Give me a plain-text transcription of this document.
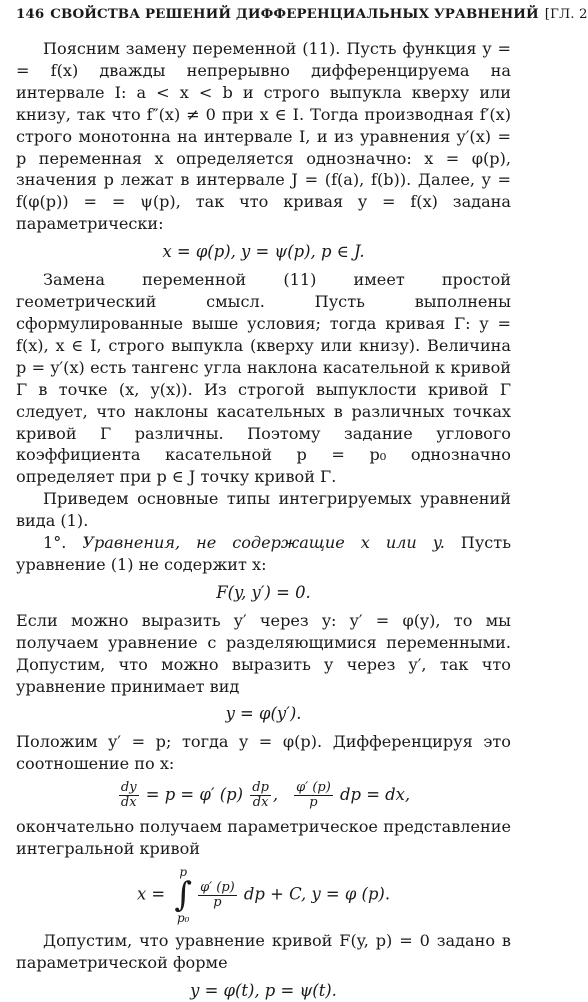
146 СВОЙСТВА РЕШЕНИЙ ДИФФЕРЕНЦИАЛЬНЫХ УРАВНЕНИЙ [ГЛ. 2

Поясним замену переменной (11). Пусть функция y = = f(x) дважды непрерывно дифференцируема на интервале I: a < x < b и строго выпукла кверху или книзу, так что f″(x) ≠ 0 при x ∈ I. Тогда производная f′(x) строго монотонна на интервале I, и из уравнения y′(x) = p переменная x определяется однозначно: x = φ(p), значения p лежат в интервале J = (f(a), f(b)). Далее, y = f(φ(p)) = = ψ(p), так что кривая y = f(x) задана параметрически:

x = φ(p), y = ψ(p), p ∈ J.

Замена переменной (11) имеет простой геометрический смысл. Пусть выполнены сформулированные выше условия; тогда кривая Γ: y = f(x), x ∈ I, строго выпукла (кверху или книзу). Величина p = y′(x) есть тангенс угла наклона касательной к кривой Γ в точке (x, y(x)). Из строгой выпуклости кривой Γ следует, что наклоны касательных в различных точках кривой Γ различны. Поэтому задание углового коэффициента касательной p = p₀ однозначно определяет при p ∈ J точку кривой Γ.

Приведем основные типы интегрируемых уравнений вида (1).

1°. Уравнения, не содержащие x или y. Пусть уравнение (1) не содержит x:

F(y, y′) = 0.

Если можно выразить y′ через y: y′ = φ(y), то мы получаем уравнение с разделяющимися переменными. Допустим, что можно выразить y через y′, так что уравнение принимает вид

y = φ(y′).

Положим y′ = p; тогда y = φ(p). Дифференцируя это соотношение по x:

$\frac{dy}{dx} = p = \varphi'$ $(p) \frac{dp}{dx}$ , $\frac{\varphi' (p)}{p}$ dp = dx,

окончательно получаем параметрическое представление интегральной кривой

x =
p
∫
p₀
$\frac{\varphi' (p)}{p}$ dp + C, y = φ (p).

Допустим, что уравнение кривой F(y, p) = 0 задано в параметрической форме

y = φ(t), p = ψ(t).
